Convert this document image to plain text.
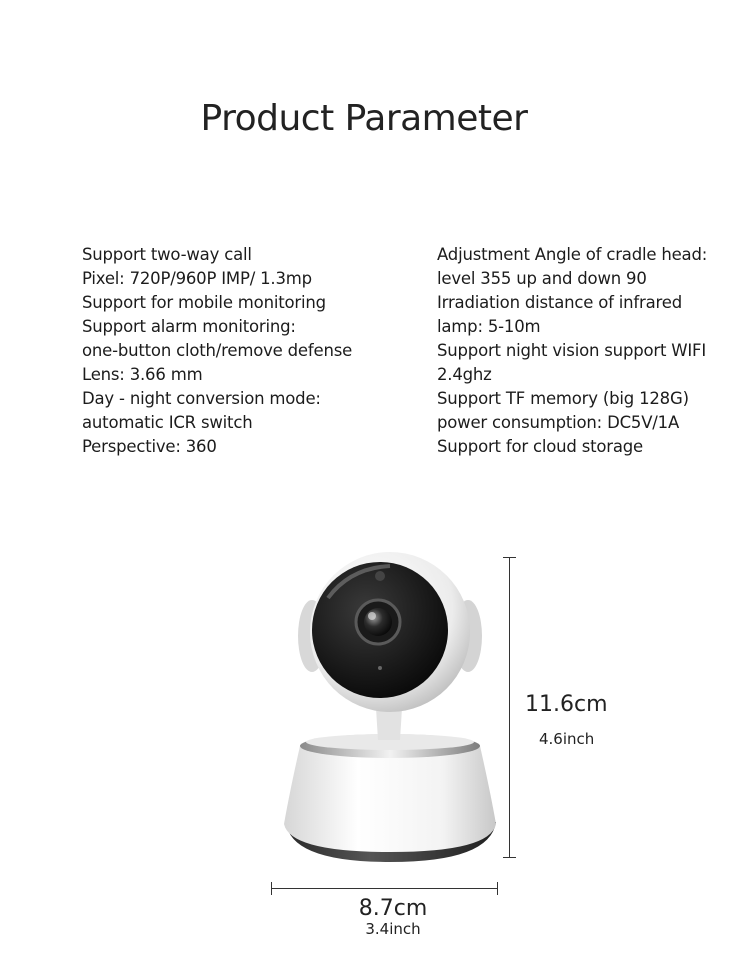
Product Parameter
Support two-way call
Pixel: 720P/960P IMP/ 1.3mp
Support for mobile monitoring
Support alarm monitoring:
one-button cloth/remove defense
Lens: 3.66 mm
Day - night conversion mode:
automatic ICR switch
Perspective: 360
Adjustment Angle of cradle head:
level 355 up and down 90
Irradiation distance of infrared
lamp: 5-10m
Support night vision support WIFI
2.4ghz
Support TF memory (big 128G)
power consumption: DC5V/1A
Support for cloud storage
11.6cm
4.6inch
8.7cm
3.4inch
